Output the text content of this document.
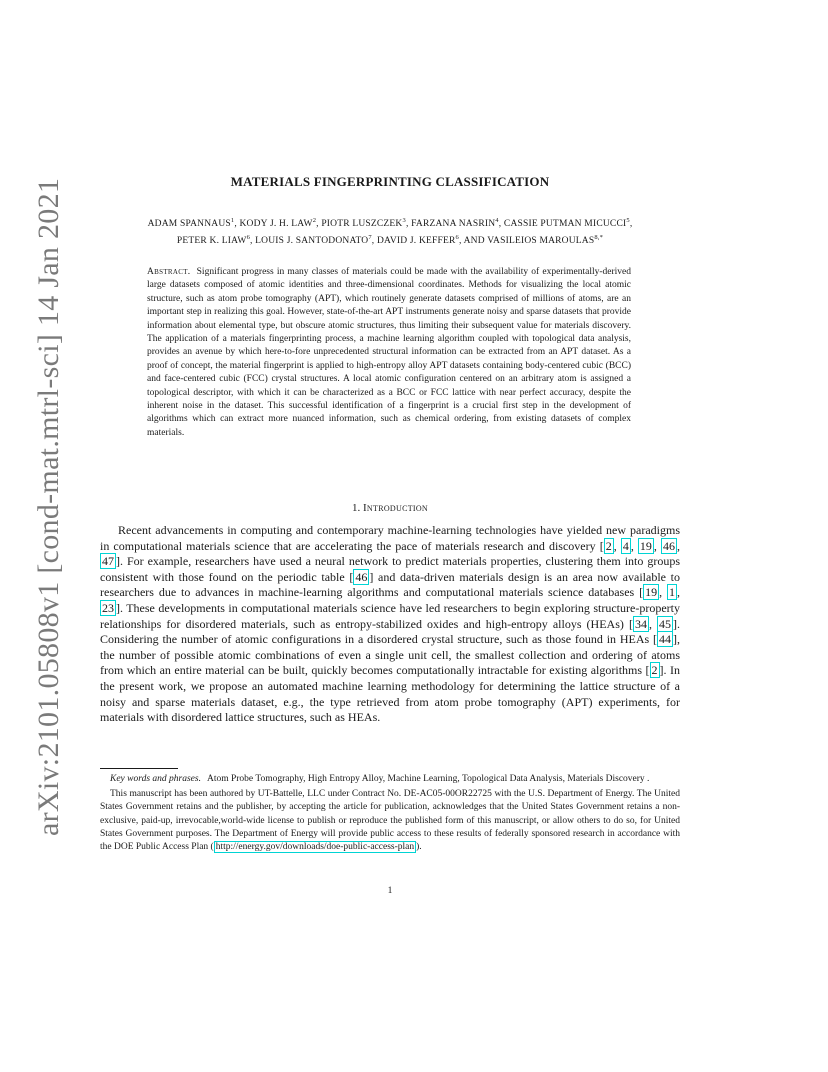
arXiv:2101.05808v1 [cond-mat.mtrl-sci] 14 Jan 2021	MATERIALS FINGERPRINTING CLASSIFICATION
ADAM SPANNAUS$^1$, KODY J. H. LAW$^2$, PIOTR LUSZCZEK$^3$, FARZANA NASRIN$^4$, CASSIE PUTMAN MICUCCI$^5$,
PETER K. LIAW$^6$, LOUIS J. SANTODONATO$^7$, DAVID J. KEFFER$^6$, AND VASILEIOS $MAROULAS^{8,*}$
Abstract. Significant progress in many classes of materials could be made with the availability of experimentally-derived large datasets composed of atomic identities and three-dimensional coordinates. Methods for visualizing the local atomic structure, such as atom probe tomography (APT), which routinely generate datasets comprised of millions of atoms, are an important step in realizing this goal. However, state-of-the-art APT instruments generate noisy and sparse datasets that provide information about elemental type, but obscure atomic structures, thus limiting their subsequent value for materials discovery. The application of a materials fingerprinting process, a machine learning algorithm coupled with topological data analysis, provides an avenue by which here-to-fore unprecedented structural information can be extracted from an APT dataset. As a proof of concept, the material fingerprint is applied to high-entropy alloy APT datasets containing body-centered cubic (BCC) and face-centered cubic (FCC) crystal structures. A local atomic configuration centered on an arbitrary atom is assigned a topological descriptor, with which it can be characterized as a BCC or FCC lattice with near perfect accuracy, despite the inherent noise in the dataset. This successful identification of a fingerprint is a crucial first step in the development of algorithms which can extract more nuanced information, such as chemical ordering, from existing datasets of complex materials.
1. Introduction
Recent advancements in computing and contemporary machine-learning technologies have yielded new paradigms in computational materials science that are accelerating the pace of materials research and discovery [ 2 , 4 , 19 , 46 , 47 ]. For example, researchers have used a neural network to predict materials properties, clustering them into groups consistent with those found on the periodic table [ 46 ] and data-driven materials design is an area now available to researchers due to advances in machine-learning algorithms and computational materials science databases [ 19 , 1 , 23 ]. These developments in computational materials science have led researchers to begin exploring structure-property relationships for disordered materials, such as entropy-stabilized oxides and high-entropy alloys (HEAs) [ 34 , 45 ]. Considering the number of atomic configurations in a disordered crystal structure, such as those found in HEAs [ 44 ], the number of possible atomic combinations of even a single unit cell, the smallest collection and ordering of atoms from which an entire material can be built, quickly becomes computationally intractable for existing algorithms [ 2 ]. In the present work, we propose an automated machine learning methodology for determining the lattice structure of a noisy and sparse materials dataset, e.g., the type retrieved from atom probe tomography (APT) experiments, for materials with disordered lattice structures, such as HEAs.

Key words and phrases. Atom Probe Tomography, High Entropy Alloy, Machine Learning, Topological Data Analysis, Materials Discovery .

This manuscript has been authored by UT-Battelle, LLC under Contract No. DE-AC05-00OR22725 with the U.S. Department of Energy. The United States Government retains and the publisher, by accepting the article for publication, acknowledges that the United States Government retains a non-exclusive, paid-up, irrevocable,world-wide license to publish or reproduce the published form of this manuscript, or allow others to do so, for United States Government purposes. The Department of Energy will provide public access to these results of federally sponsored research in accordance with the DOE Public Access Plan ( http://energy.gov/downloads/doe-public-access-plan ).

1
